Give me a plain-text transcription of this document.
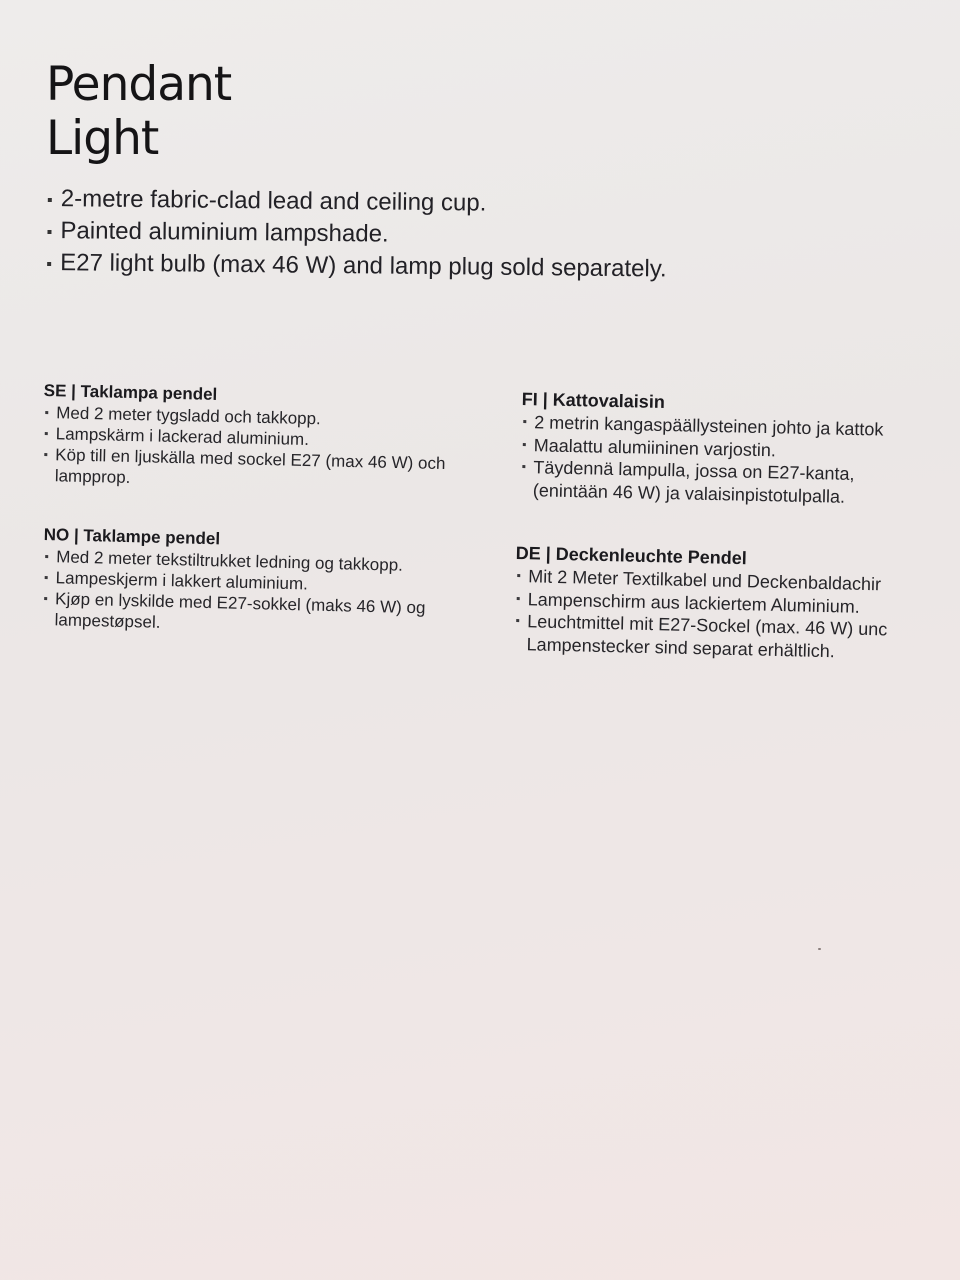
Pendant
Light
2-metre fabric-clad lead and ceiling cup.
Painted aluminium lampshade.
E27 light bulb (max 46 W) and lamp plug sold separately.
SE | Taklampa pendel
Med 2 meter tygsladd och takkopp.
Lampskärm i lackerad aluminium.
Köp till en ljuskälla med sockel E27 (max 46 W) och lampprop.
NO | Taklampe pendel
Med 2 meter tekstiltrukket ledning og takkopp.
Lampeskjerm i lakkert aluminium.
Kjøp en lyskilde med E27-sokkel (maks 46 W) og lampestøpsel.
FI | Kattovalaisin
2 metrin kangaspäällysteinen johto ja kattok
Maalattu alumiininen varjostin.
Täydennä lampulla, jossa on E27-kanta, (enintään 46 W) ja valaisinpistotulpalla.
DE | Deckenleuchte Pendel
Mit 2 Meter Textilkabel und Deckenbaldachir
Lampenschirm aus lackiertem Aluminium.
Leuchtmittel mit E27-Sockel (max. 46 W) unc Lampenstecker sind separat erhältlich.
